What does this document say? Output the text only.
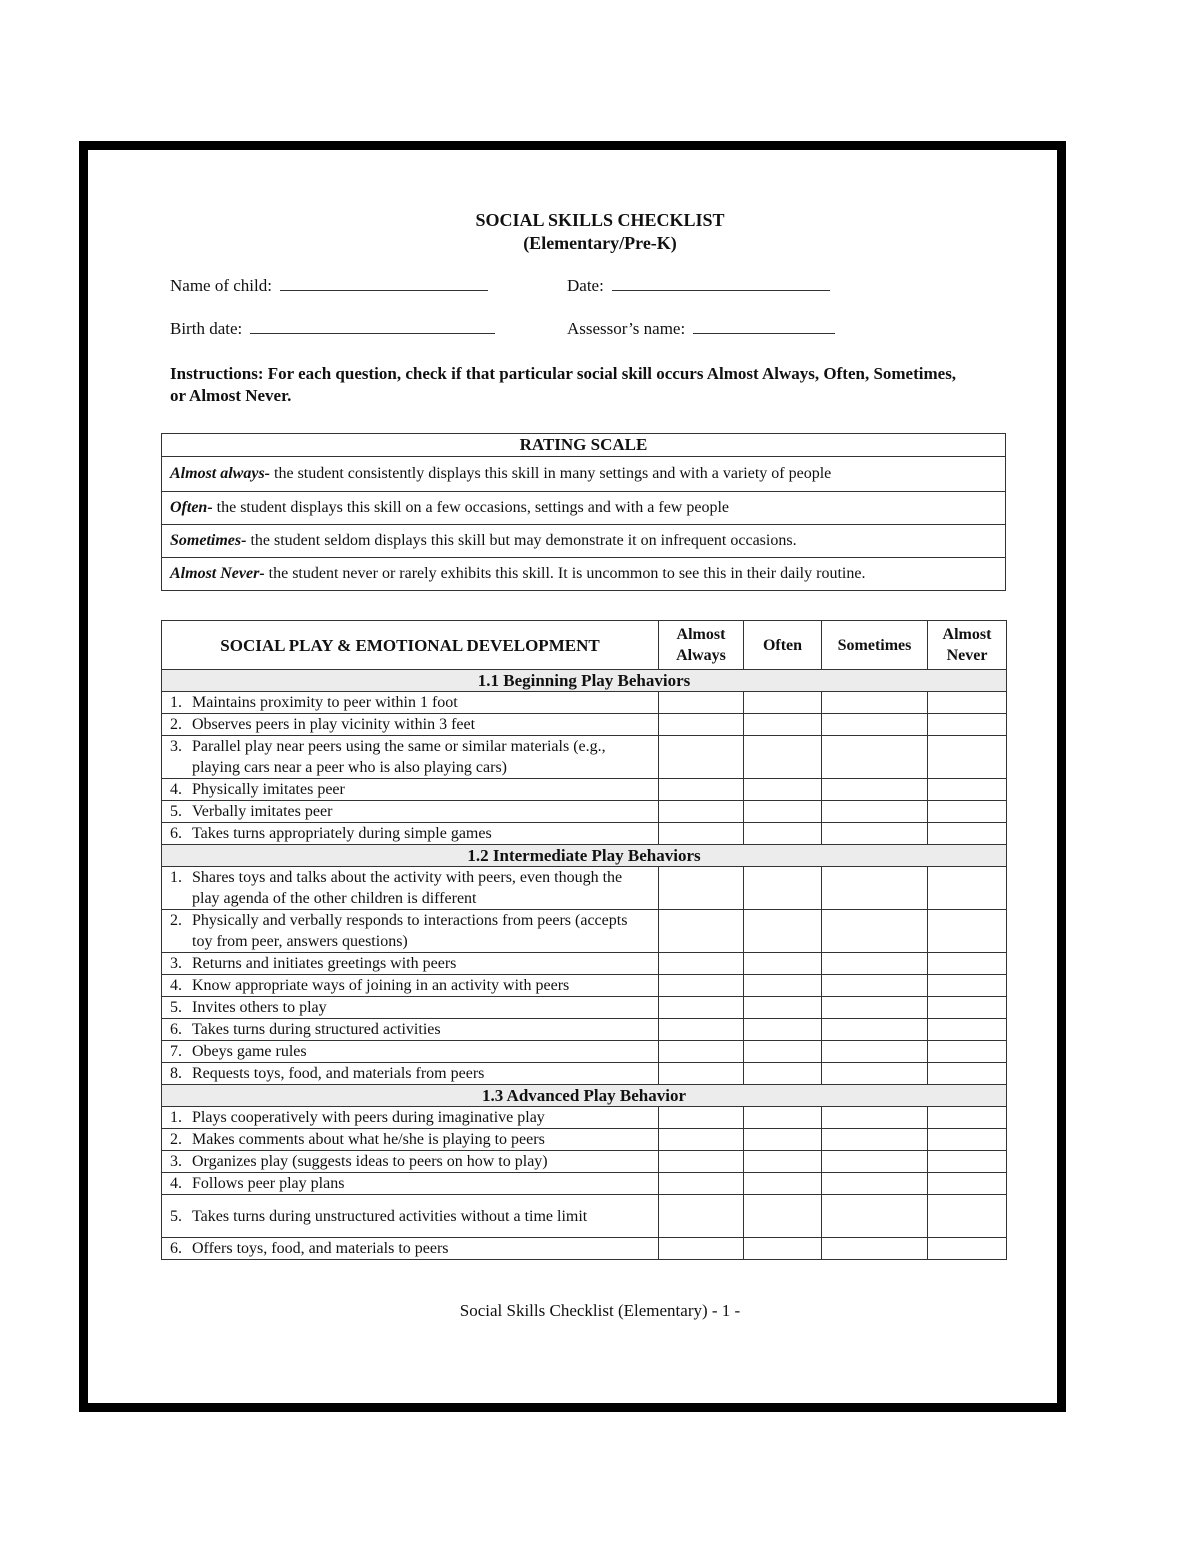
SOCIAL SKILLS CHECKLIST
(Elementary/Pre-K)
Name of child:	Date:
Birth date:	Assessor’s name:
Instructions: For each question, check if that particular social skill occurs Almost Always, Often, Sometimes, or Almost Never.
RATING SCALE
Almost always- the student consistently displays this skill in many settings and with a variety of people
Often- the student displays this skill on a few occasions, settings and with a few people
Sometimes- the student seldom displays this skill but may demonstrate it on infrequent occasions.
Almost Never- the student never or rarely exhibits this skill. It is uncommon to see this in their daily routine.
SOCIAL PLAY & EMOTIONAL DEVELOPMENT	Almost Always	Often	Sometimes	Almost Never
1.1 Beginning Play Behaviors				
1. Maintains proximity to peer within 1 foot				
2. Observes peers in play vicinity within 3 feet				
3. Parallel play near peers using the same or similar materials (e.g., playing cars near a peer who is also playing cars)				
4. Physically imitates peer				
5. Verbally imitates peer				
6. Takes turns appropriately during simple games				
1.2 Intermediate Play Behaviors				
1. Shares toys and talks about the activity with peers, even though the play agenda of the other children is different				
2. Physically and verbally responds to interactions from peers (accepts toy from peer, answers questions)				
3. Returns and initiates greetings with peers				
4. Know appropriate ways of joining in an activity with peers				
5. Invites others to play				
6. Takes turns during structured activities				
7. Obeys game rules				
8. Requests toys, food, and materials from peers				
1.3 Advanced Play Behavior				
1. Plays cooperatively with peers during imaginative play				
2. Makes comments about what he/she is playing to peers				
3. Organizes play (suggests ideas to peers on how to play)				
4. Follows peer play plans				
5. Takes turns during unstructured activities without a time limit				
6. Offers toys, food, and materials to peers				
Social Skills Checklist (Elementary) - 1 -
